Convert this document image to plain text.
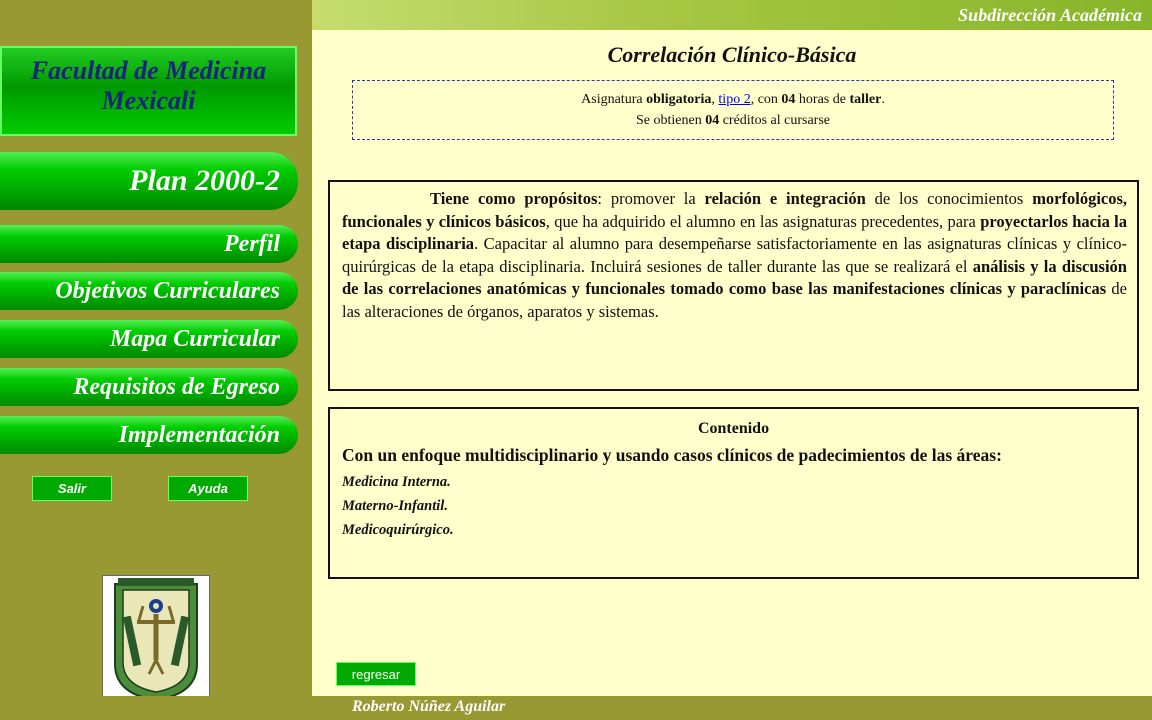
Subdirección Académica
Facultad de Medicina
Mexicali
Plan 2000-2
Perfil
Objetivos Curriculares
Mapa Curricular
Requisitos de Egreso
Implementación
Salir	Ayuda
Correlación Clínico-Básica
Asignatura obligatoria, tipo 2, con 04 horas de taller.
Se obtienen 04 créditos al cursarse
Tiene como propósitos: promover la relación e integración de los conocimientos morfológicos, funcionales y clínicos básicos, que ha adquirido el alumno en las asignaturas precedentes, para proyectarlos hacia la etapa disciplinaria. Capacitar al alumno para desempeñarse satisfactoriamente en las asignaturas clínicas y clínico-quirúrgicas de la etapa disciplinaria. Incluirá sesiones de taller durante las que se realizará el análisis y la discusión de las correlaciones anatómicas y funcionales tomado como base las manifestaciones clínicas y paraclínicas de las alteraciones de órganos, aparatos y sistemas.
Contenido
Con un enfoque multidisciplinario y usando casos clínicos de padecimientos de las áreas:
Medicina Interna.
Materno-Infantil.
Medicoquirúrgico.
regresar
Roberto Núñez Aguilar
